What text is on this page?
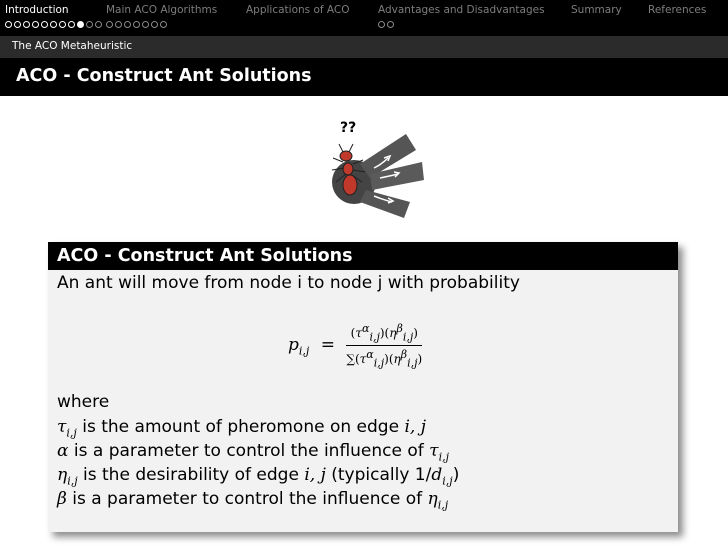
Introduction	Main ACO Algorithms	Applications of ACO	Advantages and Disadvantages	Summary	References
The ACO Metaheuristic
ACO - Construct Ant Solutions
??
ACO - Construct Ant Solutions
An ant will move from node i to node j with probability
$p_{i,j}$ =
$(\tau^\alpha_{i,j})(\eta^\beta_{i,j})$
$\sum(\tau^\alpha_{i,j})(\eta^\beta_{i,j})$
where
$\tau_{i,j}$ is the amount of pheromone on edge i, j
α is a parameter to control the influence of $\tau_{i,j}$
$\eta_{i,j}$ is the desirability of edge i, j (typically $1/d_{i,j}$)
β is a parameter to control the influence of $\eta_{i,j}$
